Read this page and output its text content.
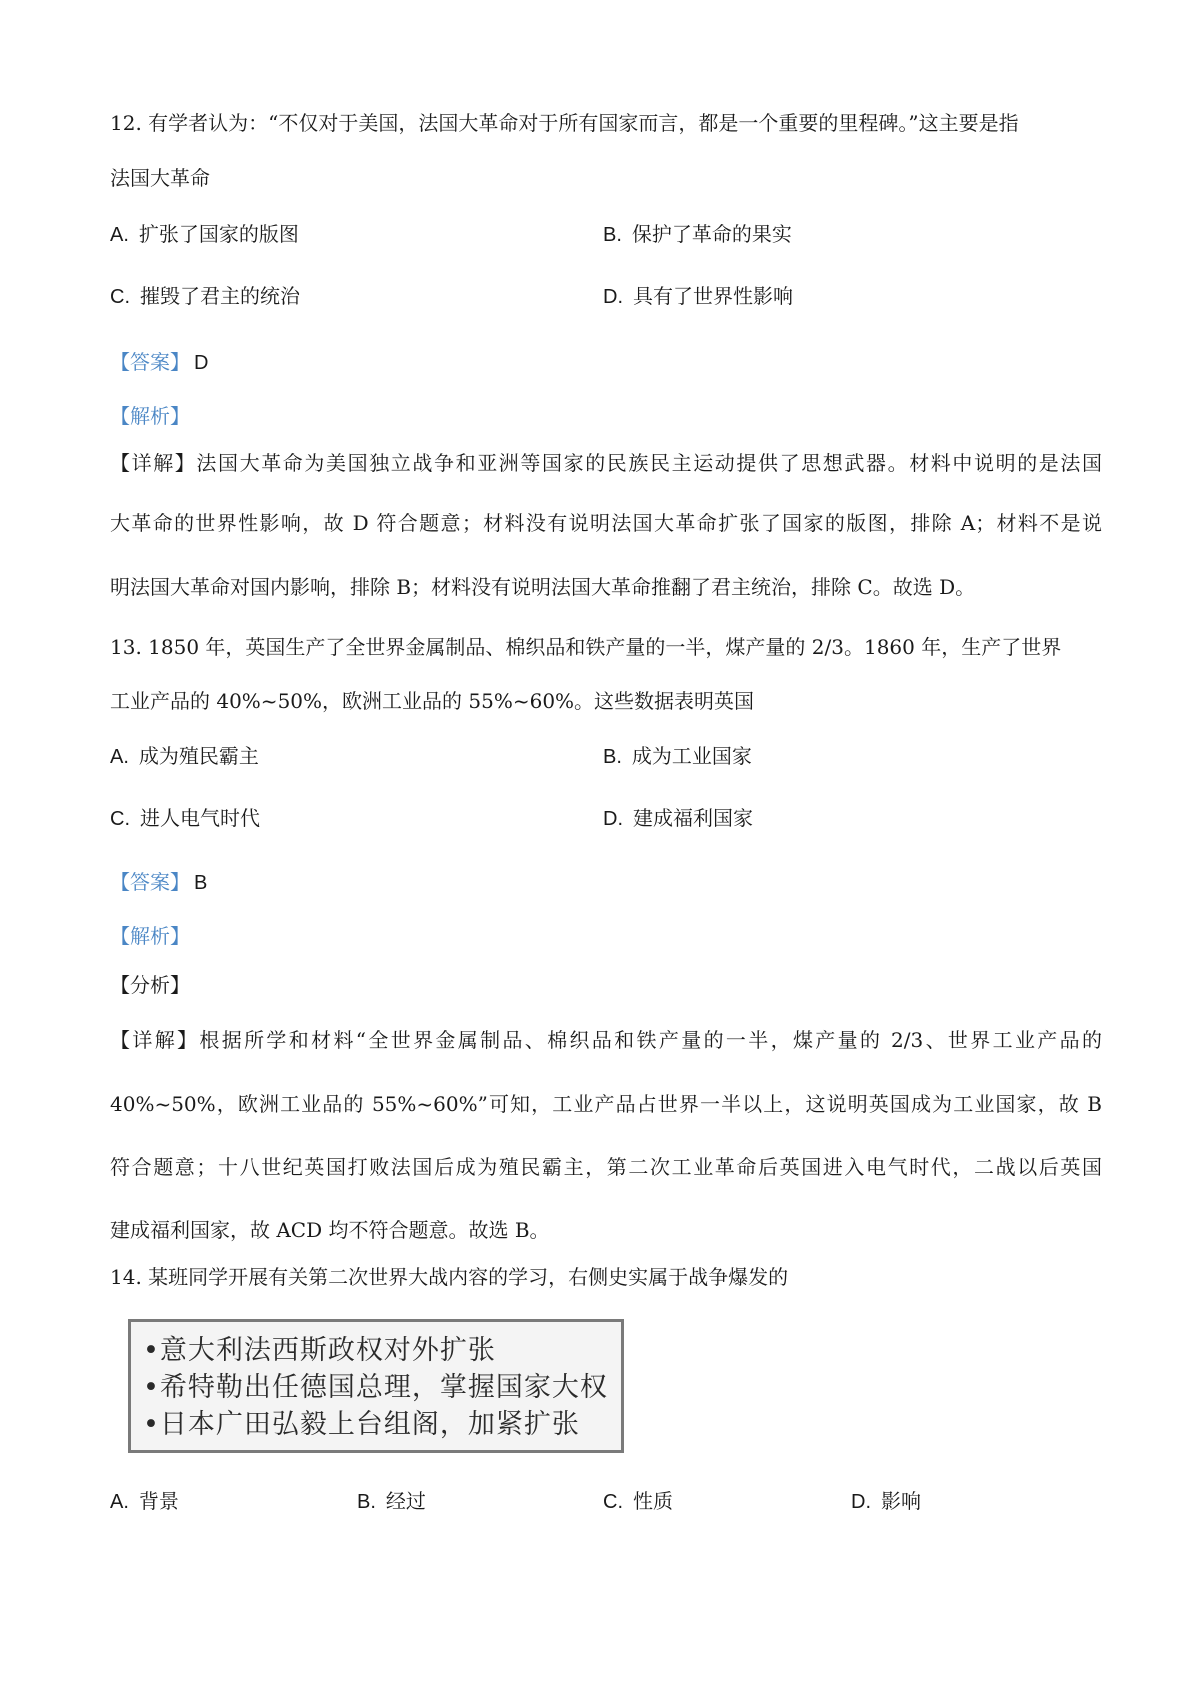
12. 有学者认为：“不仅对于美国，法国大革命对于所有国家而言，都是一个重要的里程碑。”这主要是指
法国大革命
A. 扩张了国家的版图	B. 保护了革命的果实
C. 摧毁了君主的统治	D. 具有了世界性影响
【答案】 D
【解析】
【详解】法国大革命为美国独立战争和亚洲等国家的民族民主运动提供了思想武器。材料中说明的是法国
大革命的世界性影响，故 D 符合题意；材料没有说明法国大革命扩张了国家的版图，排除 A；材料不是说
明法国大革命对国内影响，排除 B；材料没有说明法国大革命推翻了君主统治，排除 C。故选 D。
13. 1850 年，英国生产了全世界金属制品、棉织品和铁产量的一半，煤产量的 2/3。1860 年，生产了世界
工业产品的 40%~50%，欧洲工业品的 55%~60%。这些数据表明英国
A. 成为殖民霸主	B. 成为工业国家
C. 进人电气时代	D. 建成福利国家
【答案】 B
【解析】
【分析】
【详解】根据所学和材料“全世界金属制品、棉织品和铁产量的一半，煤产量的 2/3、世界工业产品的
40%~50%，欧洲工业品的 55%~60%”可知，工业产品占世界一半以上，这说明英国成为工业国家，故 B
符合题意；十八世纪英国打败法国后成为殖民霸主，第二次工业革命后英国进入电气时代，二战以后英国
建成福利国家，故 ACD 均不符合题意。故选 B。
14. 某班同学开展有关第二次世界大战内容的学习，右侧史实属于战争爆发的
•意大利法西斯政权对外扩张
•希特勒出任德国总理，掌握国家大权
•日本广田弘毅上台组阁，加紧扩张
A. 背景	B. 经过	C. 性质	D. 影响
